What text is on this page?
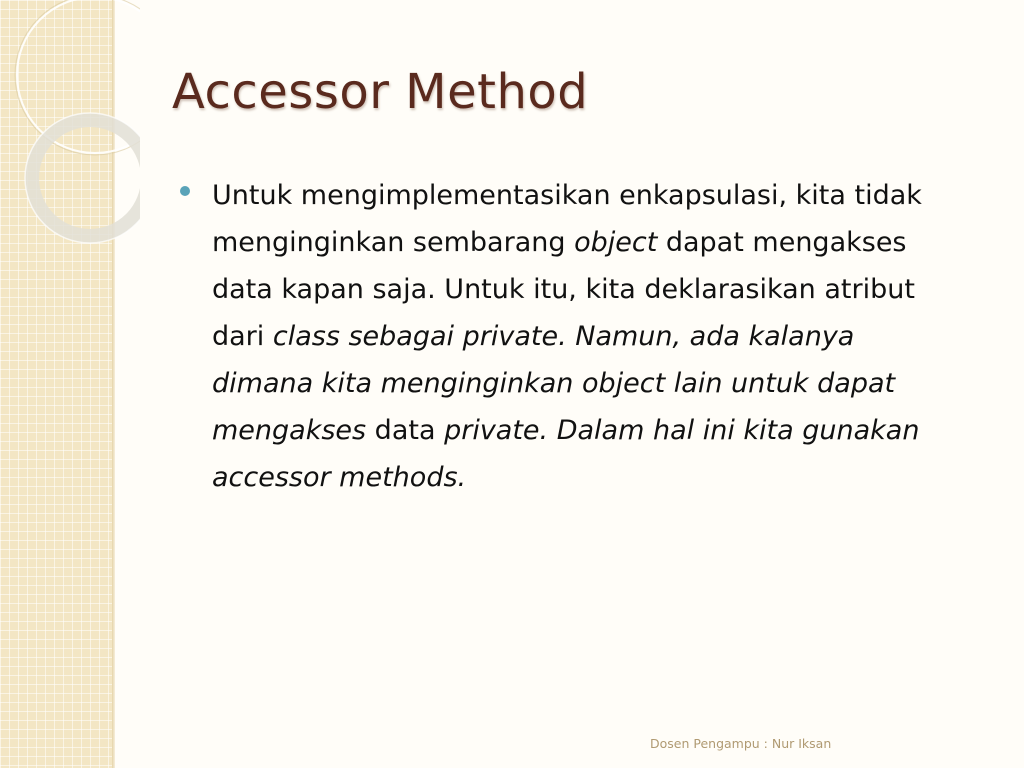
Accessor Method
Untuk mengimplementasikan enkapsulasi, kita tidak menginginkan sembarang object dapat mengakses data kapan saja. Untuk itu, kita deklarasikan atribut dari class sebagai private. Namun, ada kalanya dimana kita menginginkan object lain untuk dapat mengakses data private. Dalam hal ini kita gunakan accessor methods.
Dosen Pengampu : Nur Iksan
